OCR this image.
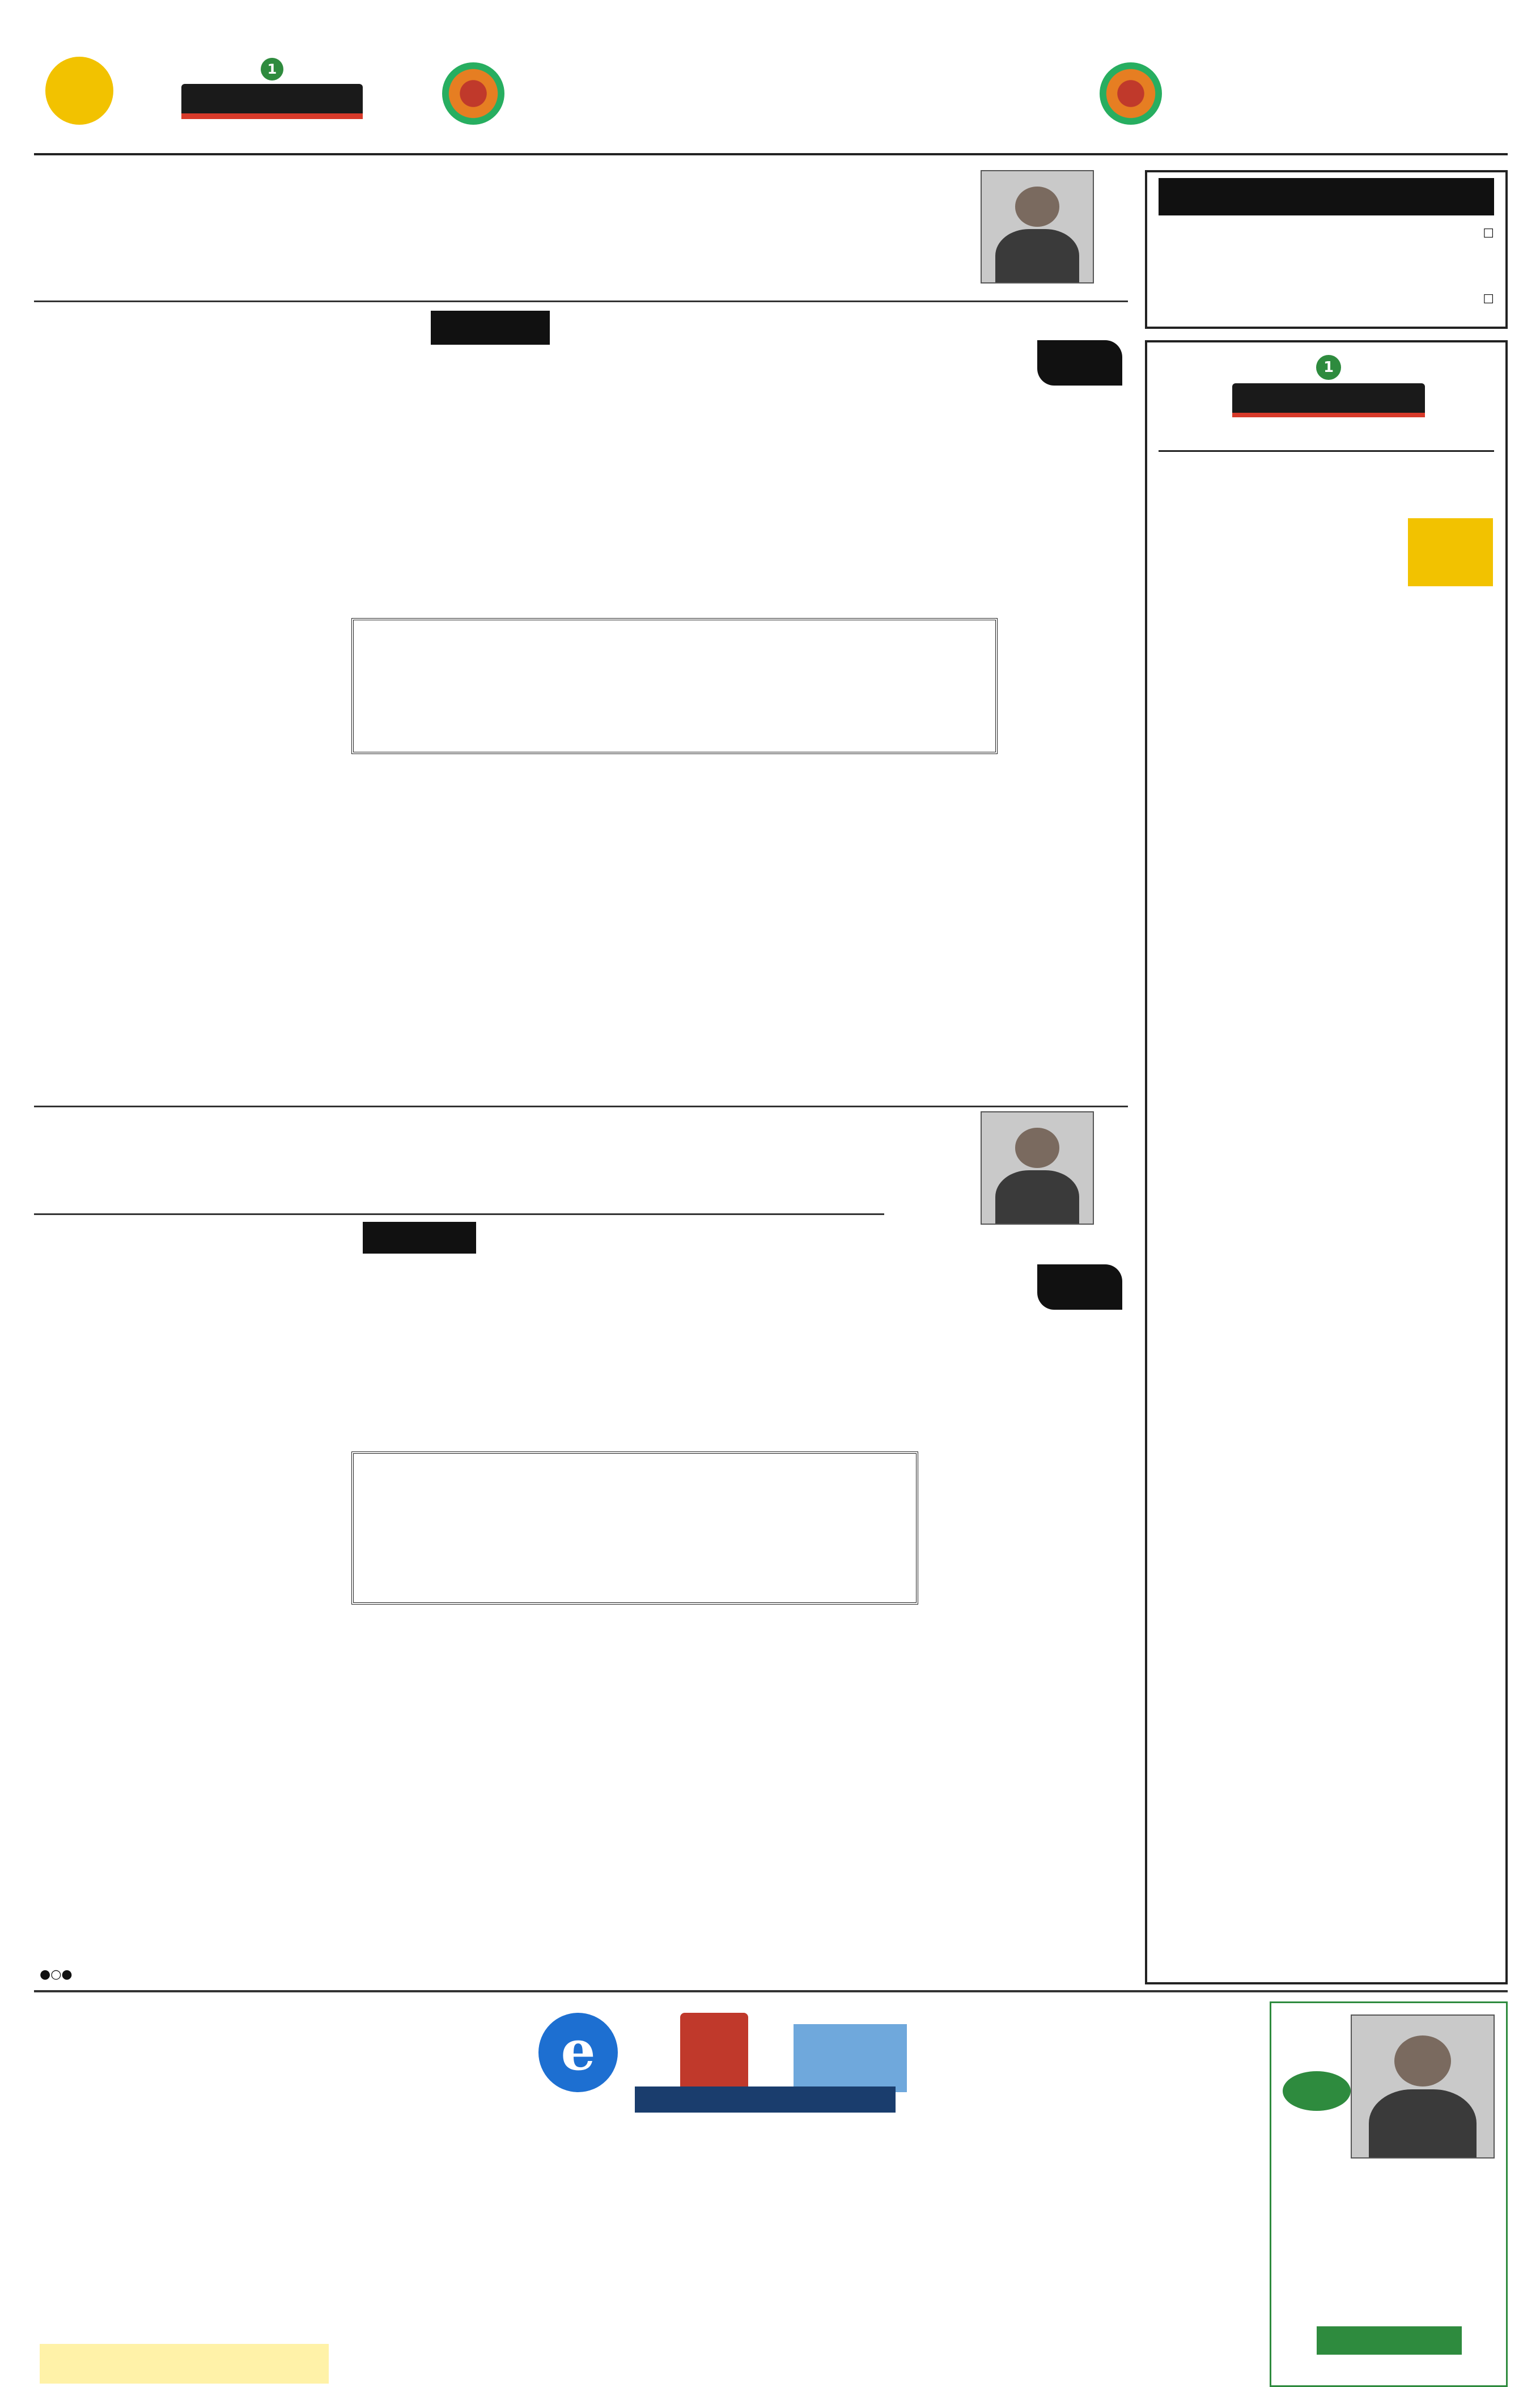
1
☐
☐
●○●
1
e
